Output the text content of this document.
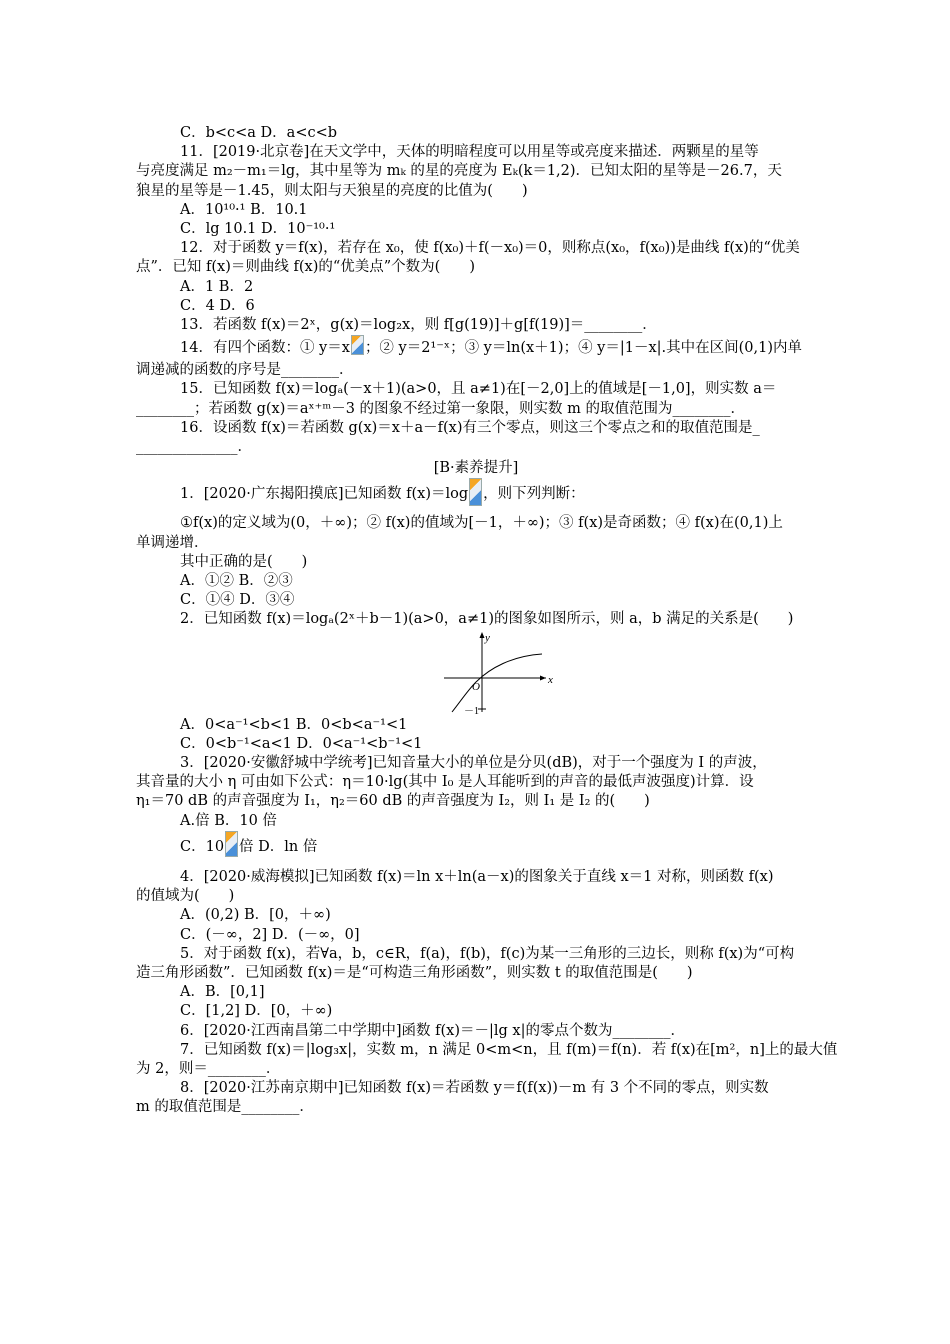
C．b<c<a D．a<c<b
11．[2019·北京卷]在天文学中，天体的明暗程度可以用星等或亮度来描述．两颗星的星等
与亮度满足 m₂－m₁＝lg，其中星等为 mₖ 的星的亮度为 Eₖ(k＝1,2)．已知太阳的星等是－26.7，天
狼星的星等是－1.45，则太阳与天狼星的亮度的比值为(　　)
A．10¹⁰·¹ B．10.1
C．lg 10.1 D．10⁻¹⁰·¹
12．对于函数 y＝f(x)，若存在 x₀，使 f(x₀)＋f(－x₀)＝0，则称点(x₀，f(x₀))是曲线 f(x)的“优美
点”．已知 f(x)＝则曲线 f(x)的“优美点”个数为(　　)
A．1 B．2
C．4 D．6
13．若函数 f(x)＝2ˣ，g(x)＝log₂x，则 f[g(19)]＋g[f(19)]＝________．
14．有四个函数：① y＝x ；② y＝2¹⁻ˣ；③ y＝ln(x＋1)；④ y＝|1－x|.其中在区间(0,1)内单
调递减的函数的序号是________．
15．已知函数 f(x)＝logₐ(－x＋1)(a>0，且 a≠1)在[－2,0]上的值域是[－1,0]，则实数 a＝
________；若函数 g(x)＝aˣ⁺ᵐ－3 的图象不经过第一象限，则实数 m 的取值范围为________．
16．设函数 f(x)＝若函数 g(x)＝x＋a－f(x)有三个零点，则这三个零点之和的取值范围是_
______________．
[B·素养提升]
1．[2020·广东揭阳摸底]已知函数 f(x)＝log ，则下列判断：
①f(x)的定义域为(0，＋∞)；② f(x)的值域为[－1，＋∞)；③ f(x)是奇函数；④ f(x)在(0,1)上
单调递增．
其中正确的是(　　)
A．①② B．②③
C．①④ D．③④
2．已知函数 f(x)＝logₐ(2ˣ＋b－1)(a>0，a≠1)的图象如图所示，则 a，b 满足的关系是(　　)
x
y
O
－1
A．0<a⁻¹<b<1 B．0<b<a⁻¹<1
C．0<b⁻¹<a<1 D．0<a⁻¹<b⁻¹<1
3．[2020·安徽舒城中学统考]已知音量大小的单位是分贝(dB)，对于一个强度为 I 的声波，
其音量的大小 η 可由如下公式：η＝10·lg(其中 I₀ 是人耳能听到的声音的最低声波强度)计算．设
η₁＝70 dB 的声音强度为 I₁，η₂＝60 dB 的声音强度为 I₂，则 I₁ 是 I₂ 的(　　)
A.倍 B．10 倍
C．10 倍 D．ln 倍
4．[2020·威海模拟]已知函数 f(x)＝ln x＋ln(a－x)的图象关于直线 x＝1 对称，则函数 f(x)
的值域为(　　)
A．(0,2) B．[0，＋∞)
C．(－∞，2] D．(－∞，0]
5．对于函数 f(x)，若∀a，b，c∈R，f(a)，f(b)，f(c)为某一三角形的三边长，则称 f(x)为“可构
造三角形函数”．已知函数 f(x)＝是“可构造三角形函数”，则实数 t 的取值范围是(　　)
A．B．[0,1]
C．[1,2] D．[0，＋∞)
6．[2020·江西南昌第二中学期中]函数 f(x)＝－|lg x|的零点个数为________．
7．已知函数 f(x)＝|log₃x|，实数 m，n 满足 0<m<n，且 f(m)＝f(n)．若 f(x)在[m²，n]上的最大值
为 2，则＝________．
8．[2020·江苏南京期中]已知函数 f(x)＝若函数 y＝f(f(x))－m 有 3 个不同的零点，则实数
m 的取值范围是________．
